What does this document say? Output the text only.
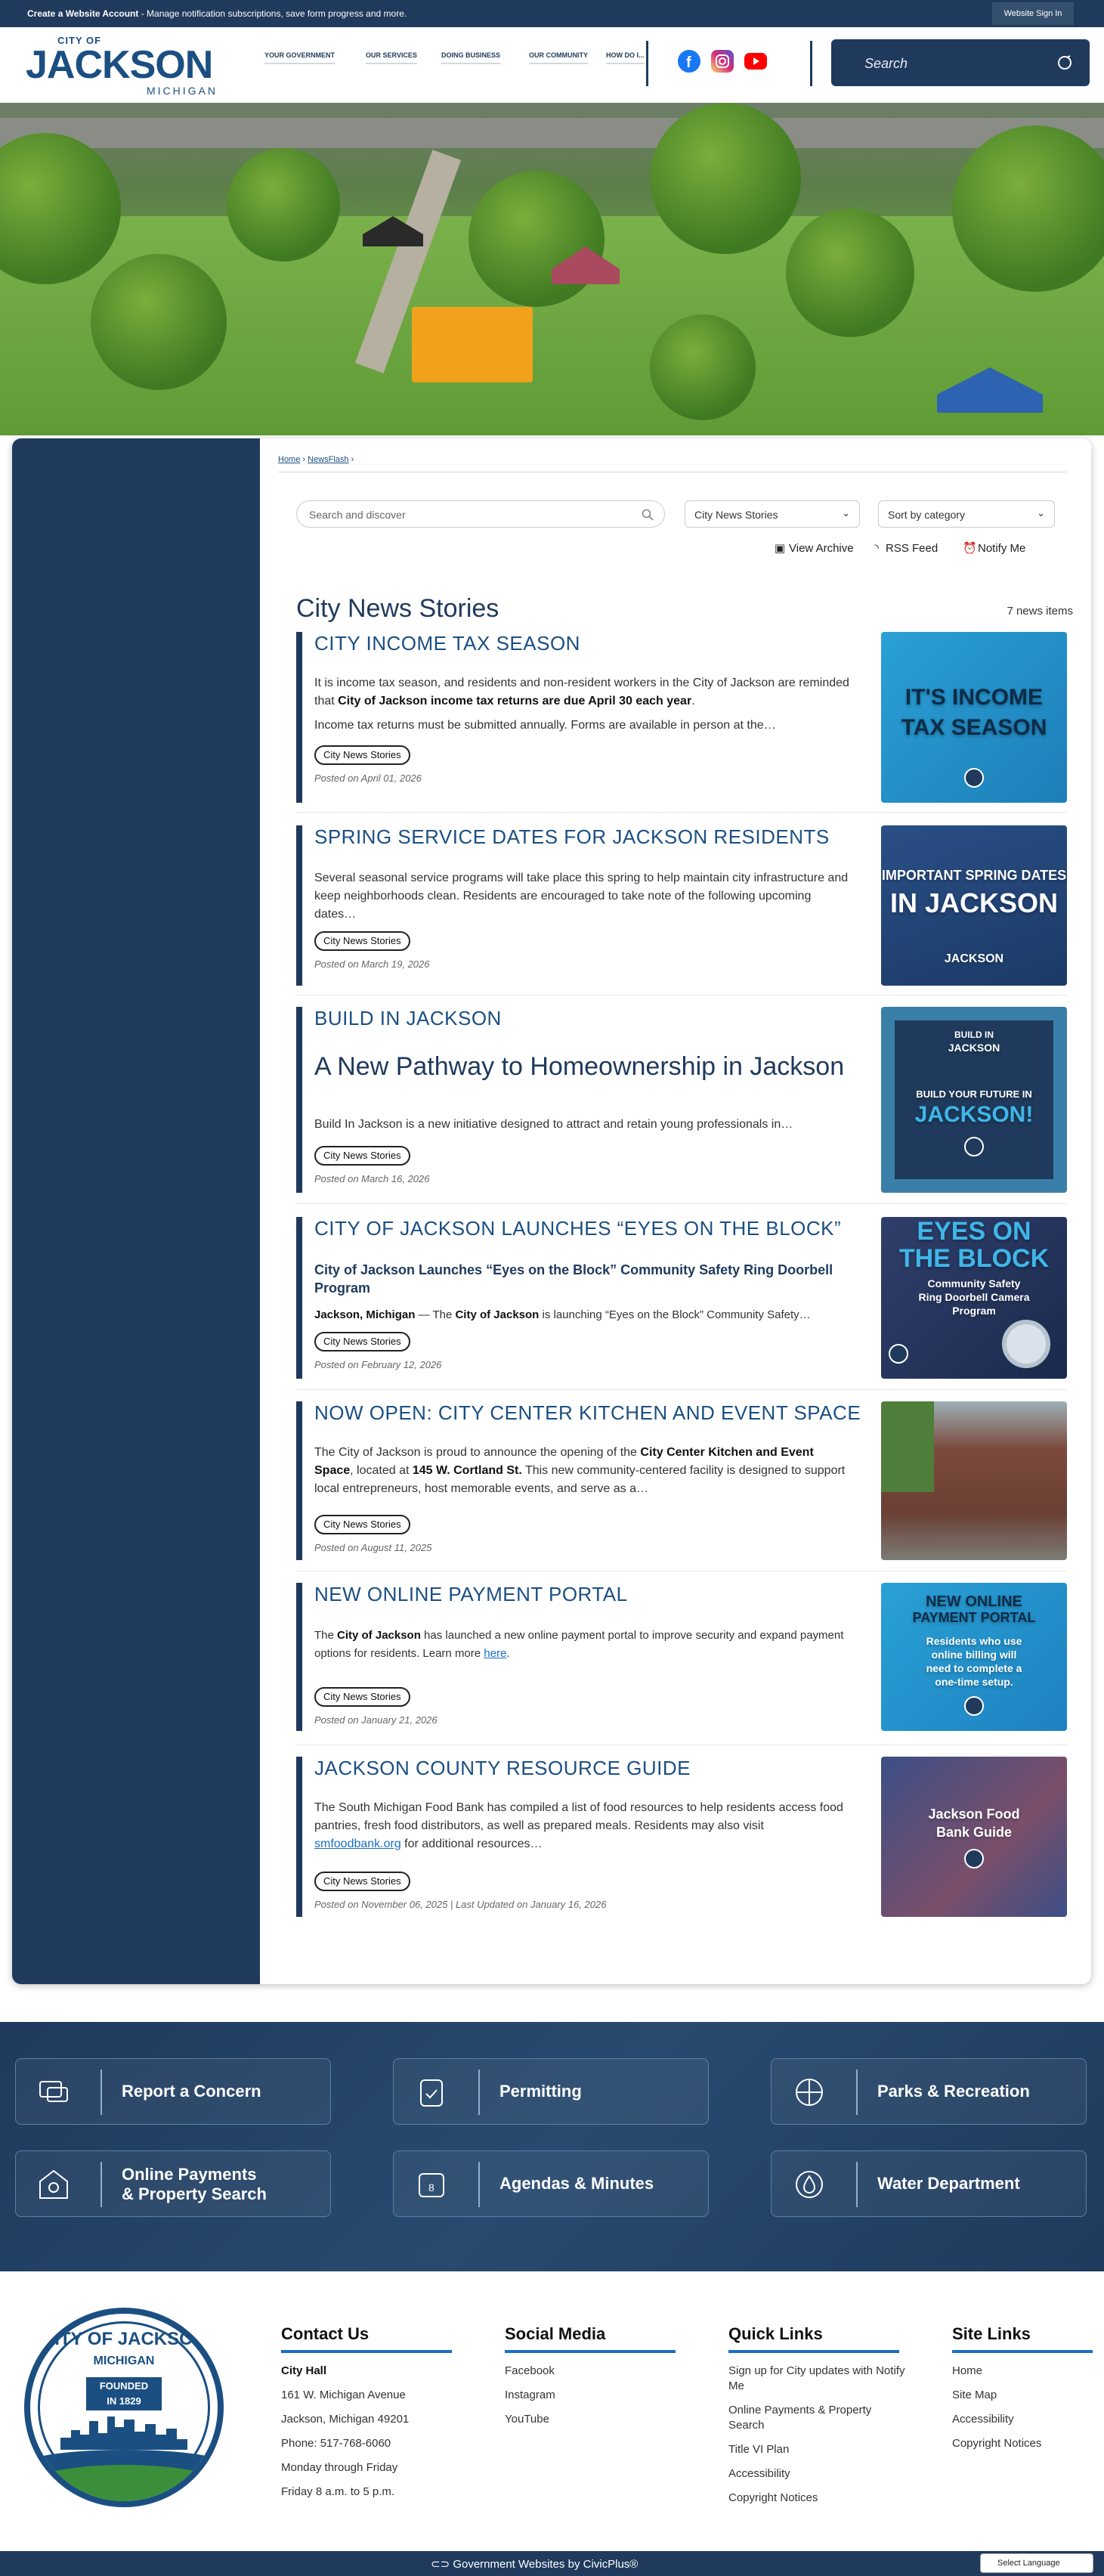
Create a Website Account - Manage notification subscriptions, save form progress and more.	Website Sign In
CITY OF
JACKSON
MICHIGAN
YOUR GOVERNMENT	OUR SERVICES	DOING BUSINESS	OUR COMMUNITY	HOW DO I...	f	Search
Home › NewsFlash ›
Search and discover	City News Stories	⌄	Sort by category	⌄
▣ View Archive	◝ RSS Feed ⏰Notify Me
City News Stories	7 news items
CITY INCOME TAX SEASON
It is income tax season, and residents and non-resident workers in the City of Jackson are reminded that City of Jackson income tax returns are due April 30 each year.
Income tax returns must be submitted annually. Forms are available in person at the…
City News Stories
Posted on April 01, 2026
IT'S INCOME
TAX SEASON
SPRING SERVICE DATES FOR JACKSON RESIDENTS
Several seasonal service programs will take place this spring to help maintain city infrastructure and keep neighborhoods clean. Residents are encouraged to take note of the following upcoming dates…
City News Stories
Posted on March 19, 2026
IMPORTANT SPRING DATES
IN JACKSON
JACKSON
BUILD IN JACKSON
A New Pathway to Homeownership in Jackson
Build In Jackson is a new initiative designed to attract and retain young professionals in…
City News Stories
Posted on March 16, 2026
BUILD IN
JACKSON
BUILD YOUR FUTURE IN
JACKSON!
CITY OF JACKSON LAUNCHES “EYES ON THE BLOCK”
City of Jackson Launches “Eyes on the Block” Community Safety Ring Doorbell Program
Jackson, Michigan — The City of Jackson is launching “Eyes on the Block” Community Safety…
City News Stories
Posted on February 12, 2026
EYES ON
THE BLOCK
Community Safety
Ring Doorbell Camera
Program
NOW OPEN: CITY CENTER KITCHEN AND EVENT SPACE
The City of Jackson is proud to announce the opening of the City Center Kitchen and Event Space, located at 145 W. Cortland St. This new community-centered facility is designed to support local entrepreneurs, host memorable events, and serve as a…
City News Stories
Posted on August 11, 2025
NEW ONLINE PAYMENT PORTAL
The City of Jackson has launched a new online payment portal to improve security and expand payment options for residents. Learn more here.
City News Stories
Posted on January 21, 2026
NEW ONLINE
PAYMENT PORTAL
Residents who use online billing will need to complete a one-time setup.
JACKSON COUNTY RESOURCE GUIDE
The South Michigan Food Bank has compiled a list of food resources to help residents access food pantries, fresh food distributors, as well as prepared meals. Residents may also visit smfoodbank.org for additional resources…
City News Stories
Posted on November 06, 2025 | Last Updated on January 16, 2026
Jackson Food
Bank Guide
Report a Concern	Permitting	Parks & Recreation
Online Payments
& Property Search	8	Agendas & Minutes	Water Department
CITY OF JACKSON
MICHIGAN
FOUNDED
IN 1829
Contact Us
City Hall
161 W. Michigan Avenue
Jackson, Michigan 49201
Phone: 517-768-6060
Monday through Friday
Friday 8 a.m. to 5 p.m.
Social Media
Facebook
Instagram
YouTube
Quick Links
Sign up for City updates with Notify Me
Online Payments & Property Search
Title VI Plan
Accessibility
Copyright Notices
Site Links
Home
Site Map
Accessibility
Copyright Notices
⊂⊃ Government Websites by CivicPlus®	Select Language
